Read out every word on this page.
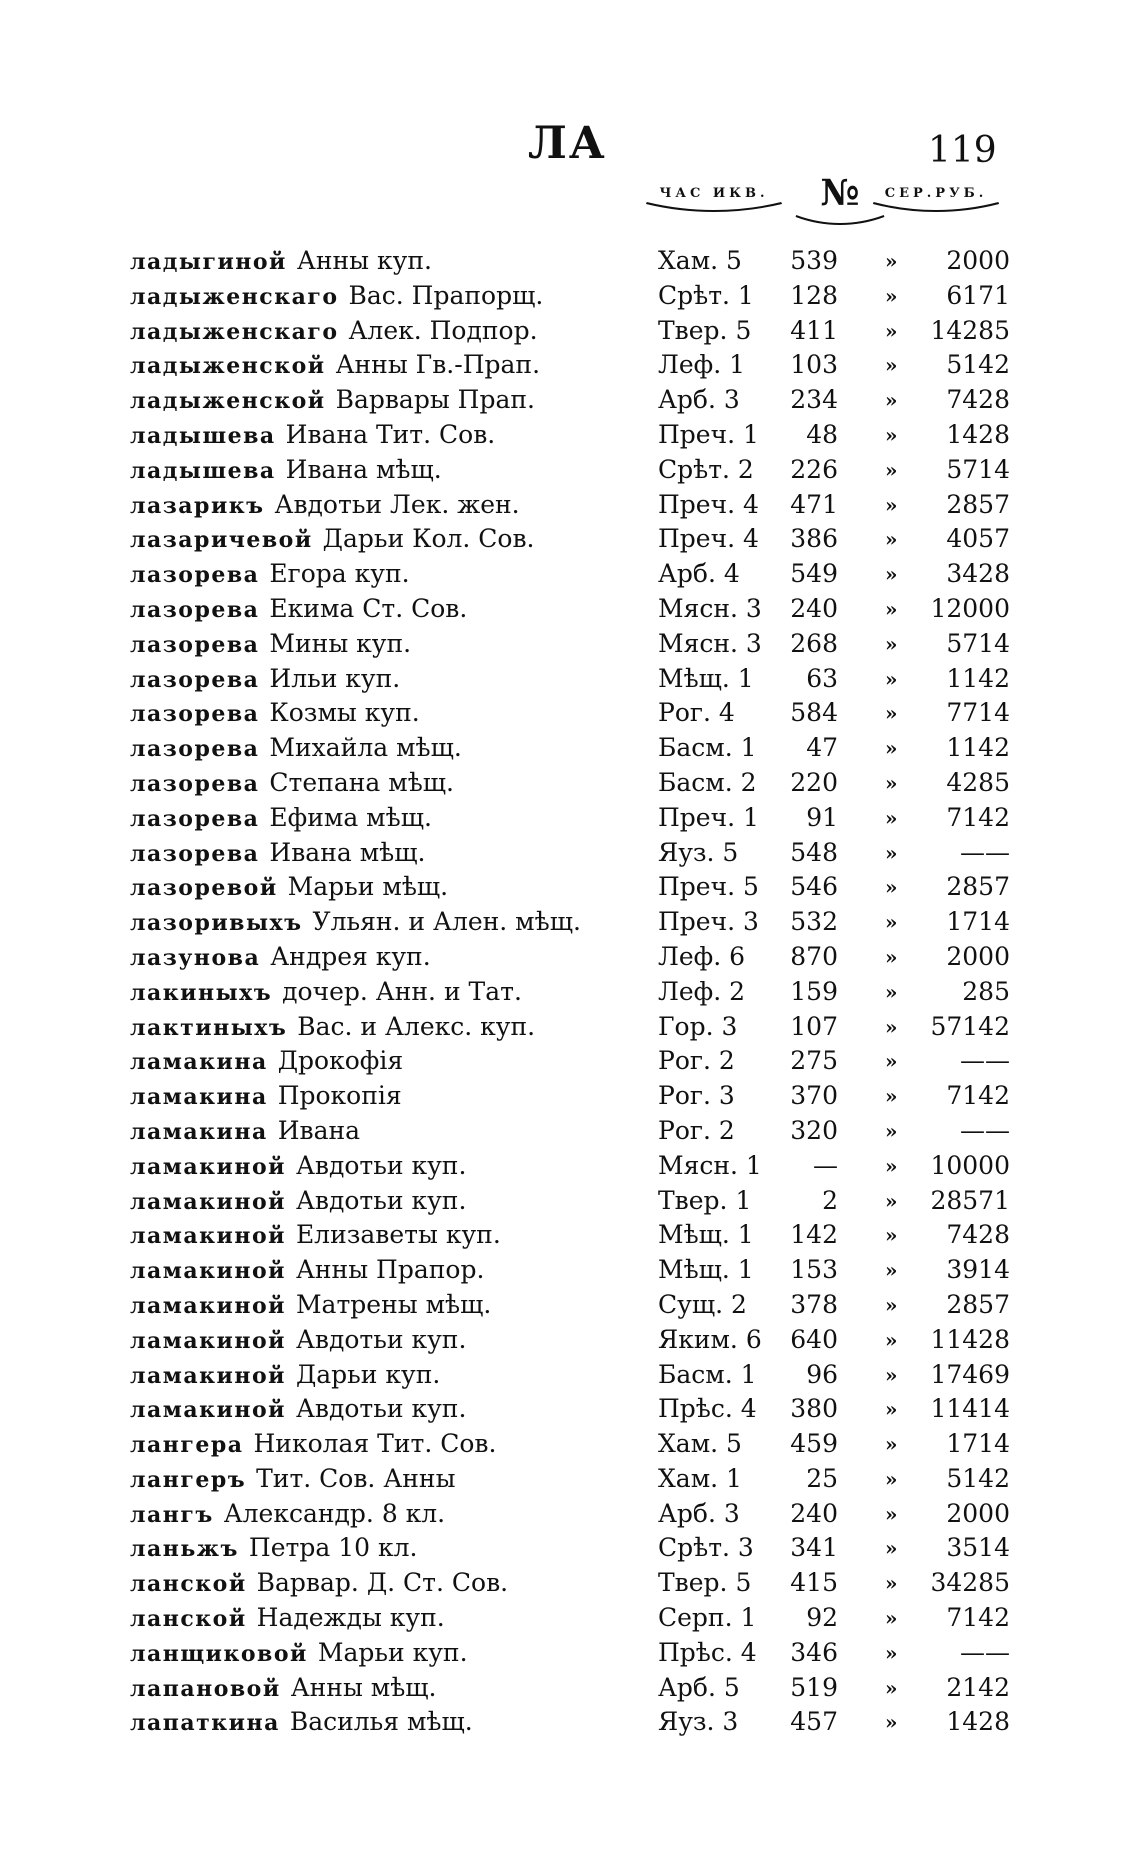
ЛА	119
ЧАС ИКВ. № СЕР.РУБ.
ладыгиной Анны куп.	Хам. 5 539	2000
»
ладыженскаго Вас. Прапорщ.	Срѣт. 1 128	6171
»
ладыженскаго Алек. Подпор.	Твер. 5 411	14285
»
ладыженской Анны Гв.-Прап.	Леф. 1 103	5142
»
ладыженской Варвары Прап.	Арб. 3 234	7428
»
ладышева Ивана Тит. Сов.	Преч. 1 48	1428
»
ладышева Ивана мѣщ.	Срѣт. 2 226	5714
»
лазарикъ Авдотьи Лек. жен.	Преч. 4 471	2857
»
лазаричевой Дарьи Кол. Сов.	Преч. 4 386	4057
»
лазорева Егора куп.	Арб. 4 549	3428
»
лазорева Екима Ст. Сов.	Мясн. 3 240	12000
»
лазорева Мины куп.	Мясн. 3 268	5714
»
лазорева Ильи куп.	Мѣщ. 1 63	1142
»
лазорева Козмы куп.	Рог. 4 584	7714
»
лазорева Михайла мѣщ.	Басм. 1 47	1142
»
лазорева Степана мѣщ.	Басм. 2 220	4285
»
лазорева Ефима мѣщ.	Преч. 1 91	7142
»
лазорева Ивана мѣщ.	Яуз. 5 548	——
»
лазоревой Марьи мѣщ.	Преч. 5 546	2857
»
лазоривыхъ Ульян. и Ален. мѣщ.	Преч. 3 532	1714
»
лазунова Андрея куп.	Леф. 6 870	2000
»
лакиныхъ дочер. Анн. и Тат.	Леф. 2 159	285
»
лактиныхъ Вас. и Алекс. куп.	Гор. 3 107	57142
»
ламакина Дрокофія	Рог. 2 275	——
»
ламакина Прокопія	Рог. 3 370	7142
»
ламакина Ивана	Рог. 2 320	——
»
ламакиной Авдотьи куп.	Мясн. 1 —	10000
»
ламакиной Авдотьи куп.	Твер. 1	2	28571
»
ламакиной Елизаветы куп.	Мѣщ. 1 142	7428
»
ламакиной Анны Прапор.	Мѣщ. 1 153	3914
»
ламакиной Матрены мѣщ.	Сущ. 2 378	2857
»
ламакиной Авдотьи куп.	Яким. 6 640	11428
»
ламакиной Дарьи куп.	Басм. 1 96	17469
»
ламакиной Авдотьи куп.	Прѣс. 4 380	11414
»
лангера Николая Тит. Сов.	Хам. 5 459	1714
»
лангеръ Тит. Сов. Анны	Хам. 1	25	5142
»
лангъ Александр. 8 кл.	Арб. 3 240	2000
»
ланьжъ Петра 10 кл.	Срѣт. 3 341	3514
»
ланской Варвар. Д. Ст. Сов.	Твер. 5 415	34285
»
ланской Надежды куп.	Серп. 1 92	7142
»
ланщиковой Марьи куп.	Прѣс. 4 346	——
»
лапановой Анны мѣщ.	Арб. 5 519	2142
»
лапаткина Василья мѣщ.	Яуз. 3 457	1428
»
